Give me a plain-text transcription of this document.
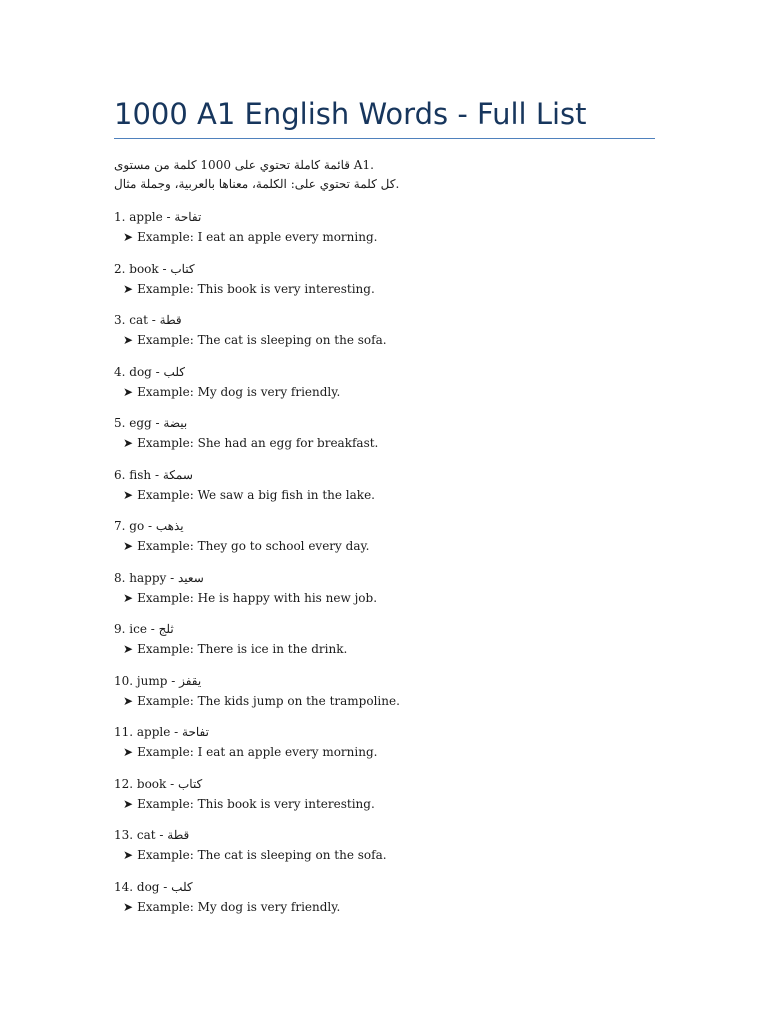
1000 A1 English Words - Full List
قائمة كاملة تحتوي على 1000 كلمة من مستوى A1.
كل كلمة تحتوي على: الكلمة، معناها بالعربية، وجملة مثال.
1. apple - تفاحة
➤ Example: I eat an apple every morning.
2. book - كتاب
➤ Example: This book is very interesting.
3. cat - قطة
➤ Example: The cat is sleeping on the sofa.
4. dog - كلب
➤ Example: My dog is very friendly.
5. egg - بيضة
➤ Example: She had an egg for breakfast.
6. fish - سمكة
➤ Example: We saw a big fish in the lake.
7. go - يذهب
➤ Example: They go to school every day.
8. happy - سعيد
➤ Example: He is happy with his new job.
9. ice - ثلج
➤ Example: There is ice in the drink.
10. jump - يقفز
➤ Example: The kids jump on the trampoline.
11. apple - تفاحة
➤ Example: I eat an apple every morning.
12. book - كتاب
➤ Example: This book is very interesting.
13. cat - قطة
➤ Example: The cat is sleeping on the sofa.
14. dog - كلب
➤ Example: My dog is very friendly.
